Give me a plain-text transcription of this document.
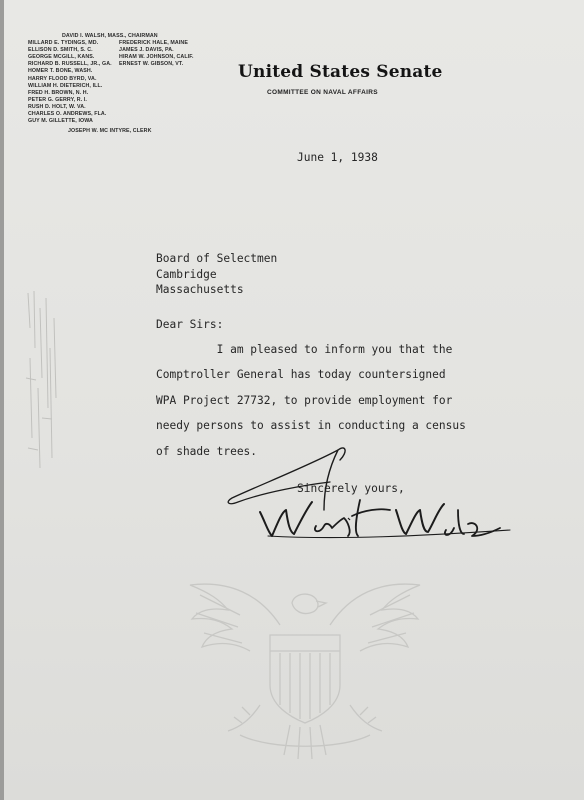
DAVID I. WALSH, MASS., CHAIRMAN
MILLARD E. TYDINGS, MD.
ELLISON D. SMITH, S. C.
GEORGE MCGILL, KANS.
RICHARD B. RUSSELL, JR., GA.
HOMER T. BONE, WASH.
HARRY FLOOD BYRD, VA.
WILLIAM H. DIETERICH, ILL.
FRED H. BROWN, N. H.
PETER G. GERRY, R. I.
RUSH D. HOLT, W. VA.
CHARLES O. ANDREWS, FLA.
GUY M. GILLETTE, IOWA
FREDERICK HALE, MAINE
JAMES J. DAVIS, PA.
HIRAM W. JOHNSON, CALIF.
ERNEST W. GIBSON, VT.
JOSEPH W. MC INTYRE, CLERK
United States Senate
COMMITTEE ON NAVAL AFFAIRS
June 1, 1938
Board of Selectmen
Cambridge
Massachusetts
Dear Sirs:
I am pleased to inform you that the
Comptroller General has today countersigned
WPA Project 27732, to provide employment for
needy persons to assist in conducting a census
of shade trees.
Sincerely yours,
